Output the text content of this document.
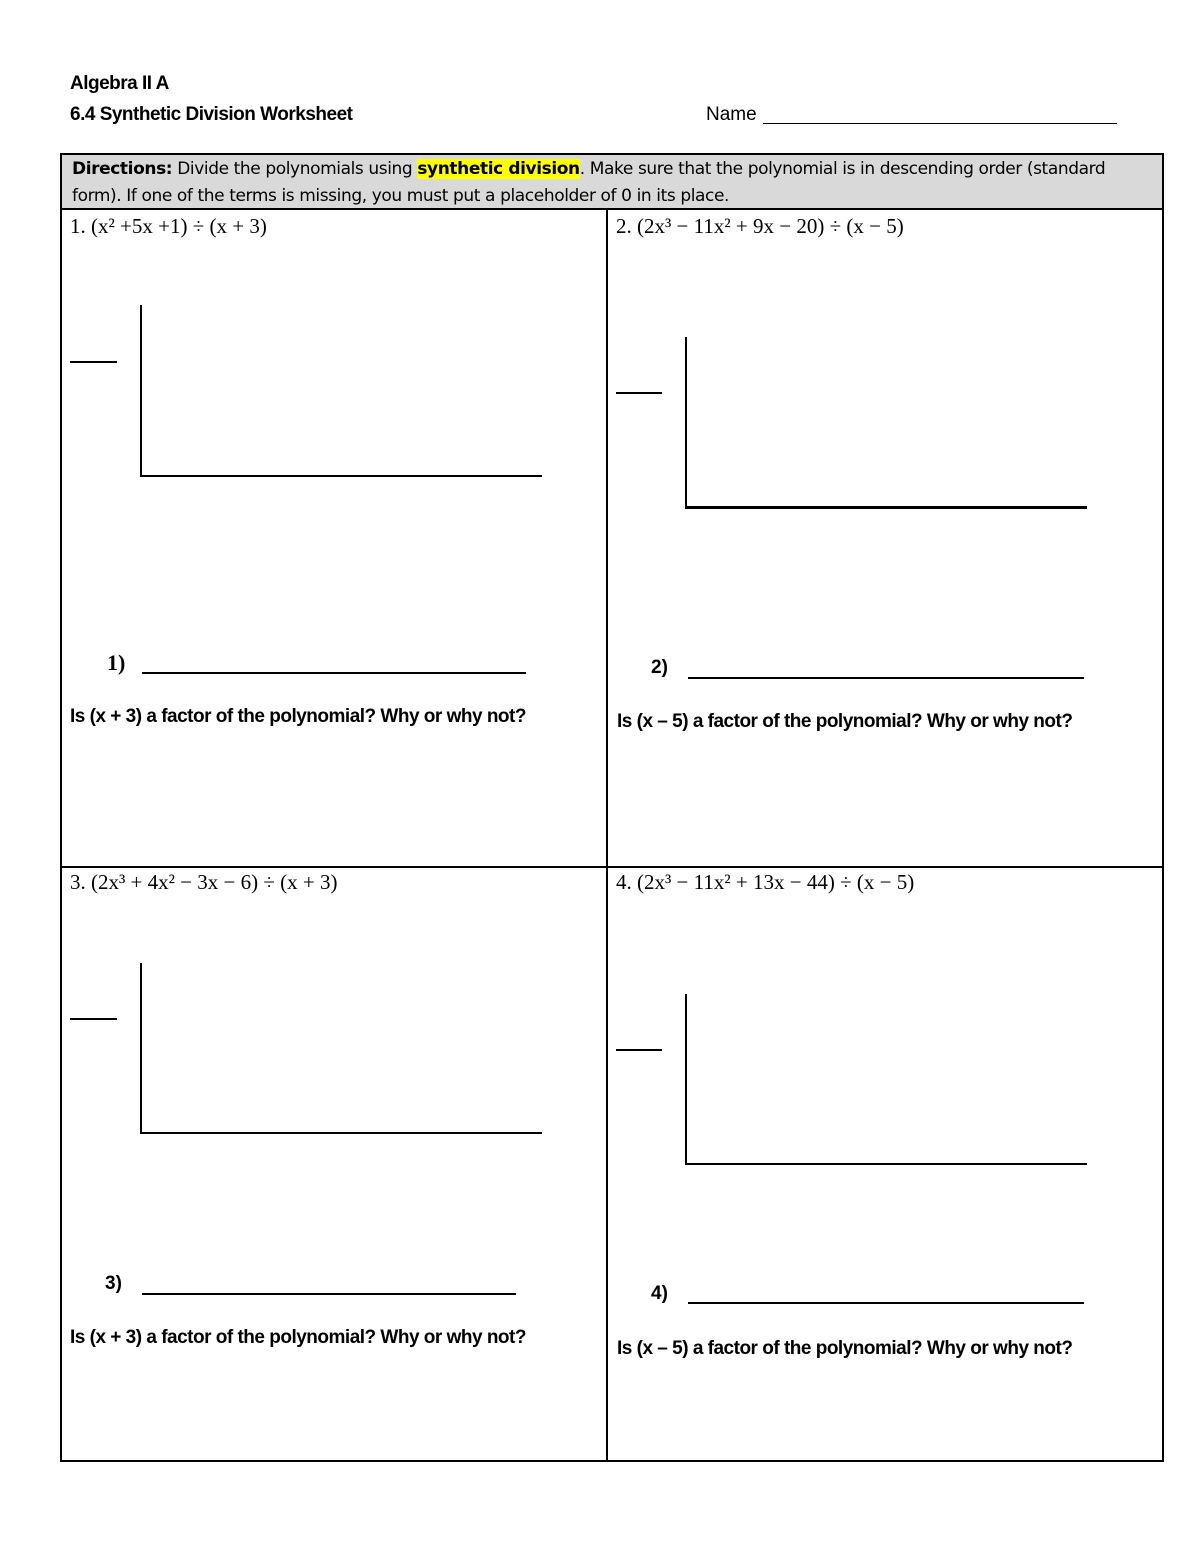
Algebra II A
6.4 Synthetic Division Worksheet	Name
Directions: Divide the polynomials using synthetic division. Make sure that the polynomial is in descending order (standard form). If one of the terms is missing, you must put a placeholder of 0 in its place.
1. (x² +5x +1) ÷ (x + 3)
1)
Is (x + 3) a factor of the polynomial? Why or why not?
2. (2x³ − 11x² + 9x − 20) ÷ (x − 5)
2)
Is (x – 5) a factor of the polynomial? Why or why not?
3. (2x³ + 4x² − 3x − 6) ÷ (x + 3)
3)
Is (x + 3) a factor of the polynomial? Why or why not?
4. (2x³ − 11x² + 13x − 44) ÷ (x − 5)
4)
Is (x – 5) a factor of the polynomial? Why or why not?
